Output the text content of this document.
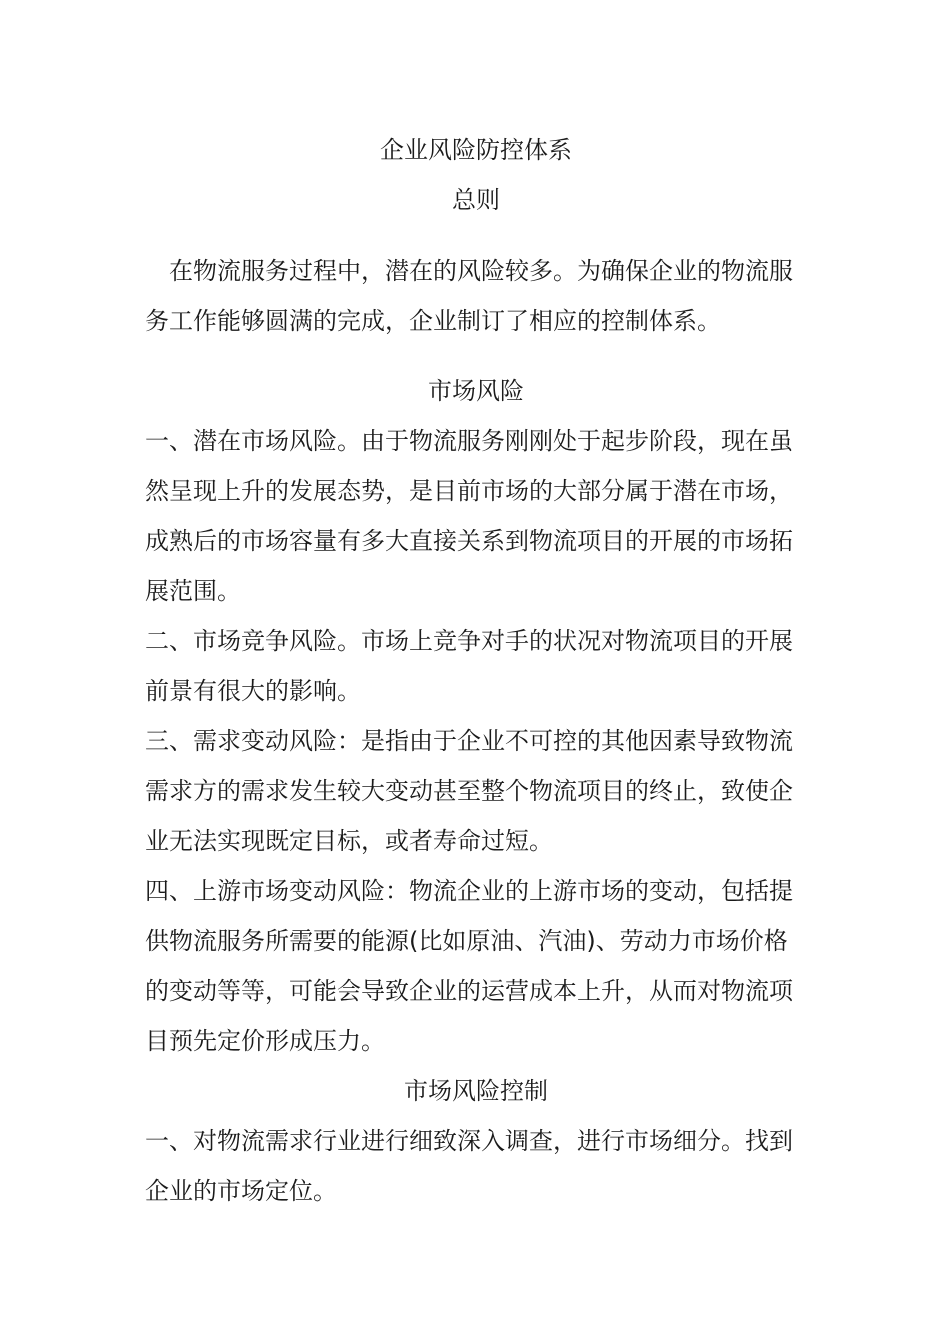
企业风险防控体系
总则

在物流服务过程中，潜在的风险较多。为确保企业的物流服务工作能够圆满的完成，企业制订了相应的控制体系。

市场风险

一、潜在市场风险。由于物流服务刚刚处于起步阶段，现在虽然呈现上升的发展态势，是目前市场的大部分属于潜在市场，成熟后的市场容量有多大直接关系到物流项目的开展的市场拓展范围。

二、市场竞争风险。市场上竞争对手的状况对物流项目的开展前景有很大的影响。

三、需求变动风险：是指由于企业不可控的其他因素导致物流需求方的需求发生较大变动甚至整个物流项目的终止，致使企业无法实现既定目标，或者寿命过短。

四、上游市场变动风险：物流企业的上游市场的变动，包括提供物流服务所需要的能源(比如原油、汽油)、劳动力市场价格的变动等等，可能会导致企业的运营成本上升，从而对物流项目预先定价形成压力。

市场风险控制

一、对物流需求行业进行细致深入调查，进行市场细分。找到企业的市场定位。
